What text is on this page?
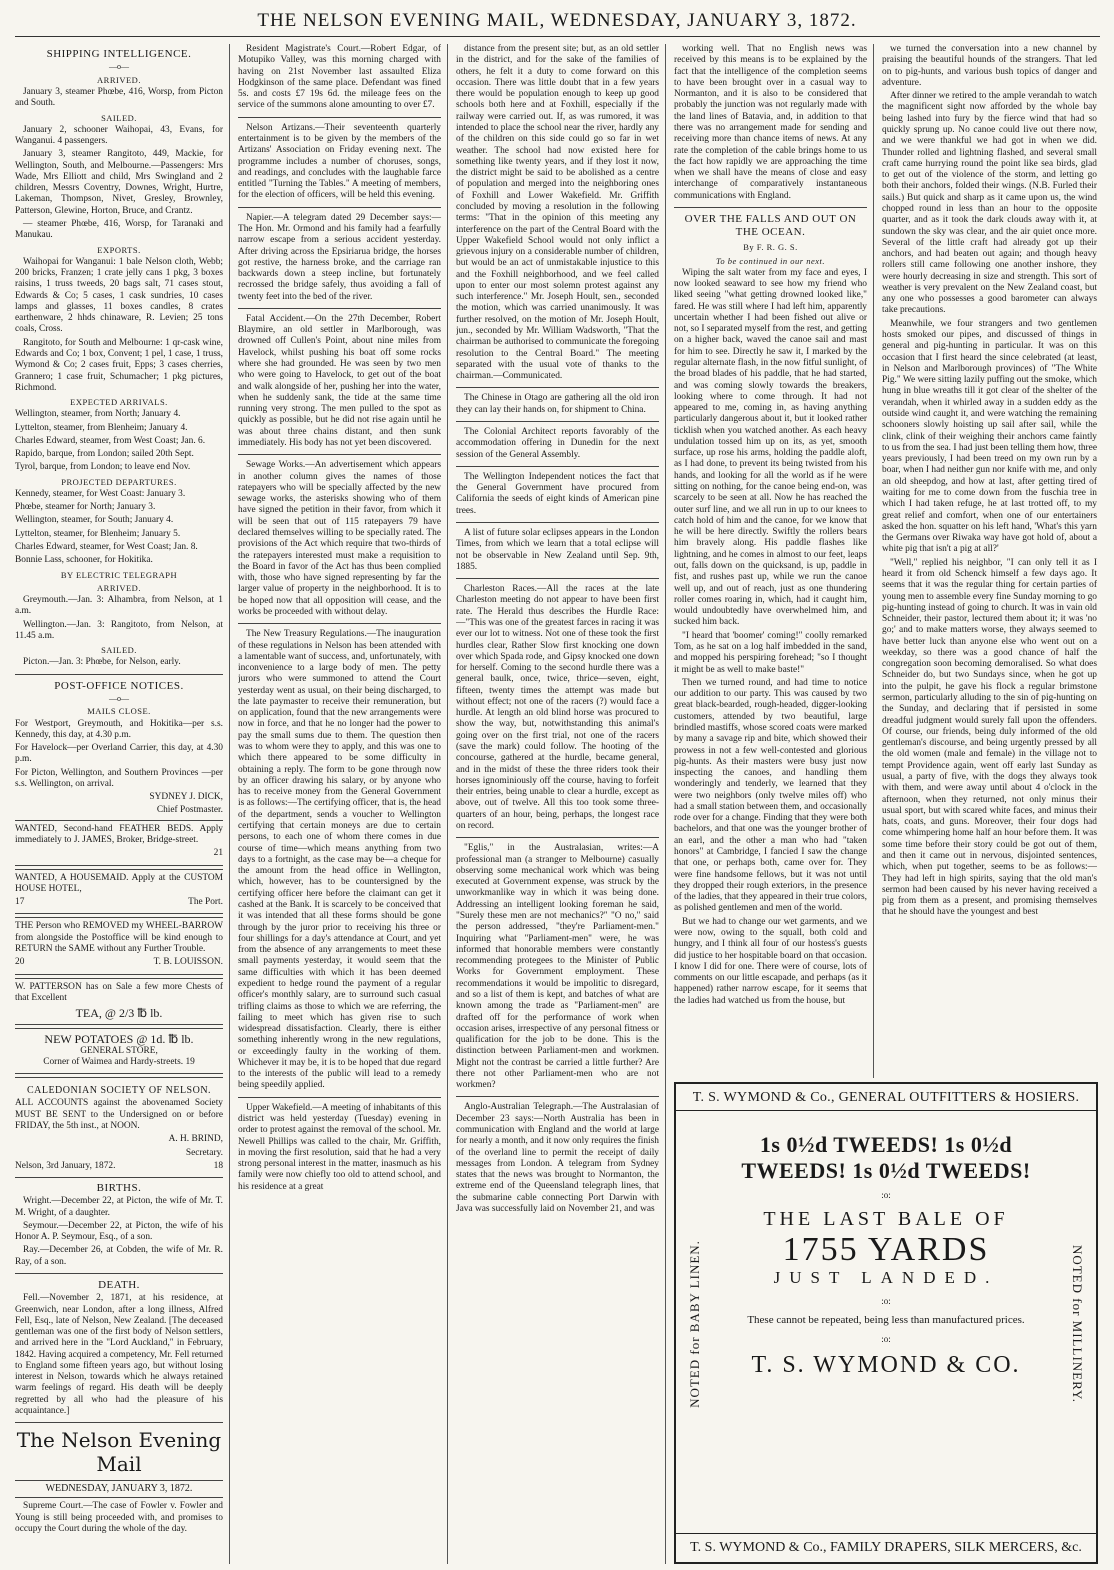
THE NELSON EVENING MAIL, WEDNESDAY, JANUARY 3, 1872.
SHIPPING INTELLIGENCE.
—o—
ARRIVED.

January 3, steamer Phœbe, 416, Worsp, from Picton and South.

SAILED.

January 2, schooner Waihopai, 43, Evans, for Wanganui. 4 passengers.

January 3, steamer Rangitoto, 449, Mackie, for Wellington, South, and Melbourne.—Passengers: Mrs Wade, Mrs Elliott and child, Mrs Swingland and 2 children, Messrs Coventry, Downes, Wright, Hurtre, Lakeman, Thompson, Nivet, Gresley, Brownley, Patterson, Glewine, Horton, Bruce, and Crantz.

— steamer Phœbe, 416, Worsp, for Taranaki and Manukau.

EXPORTS.

Waihopai for Wanganui: 1 bale Nelson cloth, Webb; 200 bricks, Franzen; 1 crate jelly cans 1 pkg, 3 boxes raisins, 1 truss tweeds, 20 bags salt, 71 cases stout, Edwards & Co; 5 cases, 1 cask sundries, 10 cases lamps and glasses, 11 boxes candles, 8 crates earthenware, 2 hhds chinaware, R. Levien; 25 tons coals, Cross.

Rangitoto, for South and Melbourne: 1 qr-cask wine, Edwards and Co; 1 box, Convent; 1 pel, 1 case, 1 truss, Wymond & Co; 2 cases fruit, Epps; 3 cases cherries, Grannero; 1 case fruit, Schumacher; 1 pkg pictures, Richmond.

EXPECTED ARRIVALS.

Wellington, steamer, from North; January 4.

Lyttelton, steamer, from Blenheim; January 4.

Charles Edward, steamer, from West Coast; Jan. 6.

Rapido, barque, from London; sailed 20th Sept.

Tyrol, barque, from London; to leave end Nov.

PROJECTED DEPARTURES.

Kennedy, steamer, for West Coast: January 3.

Phœbe, steamer for North; January 3.

Wellington, steamer, for South; January 4.

Lyttelton, steamer, for Blenheim; January 5.

Charles Edward, steamer, for West Coast; Jan. 8.

Bonnie Lass, schooner, for Hokitika.

BY ELECTRIC TELEGRAPH
ARRIVED.

Greymouth.—Jan. 3: Alhambra, from Nelson, at 1 a.m.

Wellington.—Jan. 3: Rangitoto, from Nelson, at 11.45 a.m.

SAILED.

Picton.—Jan. 3: Phœbe, for Nelson, early.

POST-OFFICE NOTICES.
—o—
MAILS CLOSE.

For Westport, Greymouth, and Hokitika—per s.s. Kennedy, this day, at 4.30 p.m.

For Havelock—per Overland Carrier, this day, at 4.30 p.m.

For Picton, Wellington, and Southern Provinces —per s.s. Wellington, on arrival.

SYDNEY J. DICK,

Chief Postmaster.

WANTED, Second-hand FEATHER BEDS. Apply immediately to J. JAMES, Broker, Bridge-street.

21

WANTED, A HOUSEMAID. Apply at the CUSTOM HOUSE HOTEL,

17	The Port.

THE Person who REMOVED my WHEEL-BARROW from alongside the Postoffice will be kind enough to RETURN the SAME without any Further Trouble.

20	T. B. LOUISSON.

W. PATTERSON has on Sale a few more Chests of that Excellent

TEA, @ 2/3 ℔ lb.
NEW POTATOES @ 1d. ℔ lb.
GENERAL STORE,

Corner of Waimea and Hardy-streets. 19

CALEDONIAN SOCIETY OF NELSON.

ALL ACCOUNTS against the abovenamed Society MUST BE SENT to the Undersigned on or before FRIDAY, the 5th inst., at NOON.

A. H. BRIND,

Secretary.

Nelson, 3rd January, 1872.	18

BIRTHS.

Wright.—December 22, at Picton, the wife of Mr. T. M. Wright, of a daughter.

Seymour.—December 22, at Picton, the wife of his Honor A. P. Seymour, Esq., of a son.

Ray.—December 26, at Cobden, the wife of Mr. R. Ray, of a son.

DEATH.

Fell.—November 2, 1871, at his residence, at Greenwich, near London, after a long illness, Alfred Fell, Esq., late of Nelson, New Zealand. [The deceased gentleman was one of the first body of Nelson settlers, and arrived here in the "Lord Auckland," in February, 1842. Having acquired a competency, Mr. Fell returned to England some fifteen years ago, but without losing interest in Nelson, towards which he always retained warm feelings of regard. His death will be deeply regretted by all who had the pleasure of his acquaintance.]

The Nelson Evening Mail
WEDNESDAY, JANUARY 3, 1872.

Supreme Court.—The case of Fowler v. Fowler and Young is still being proceeded with, and promises to occupy the Court during the whole of the day.

Resident Magistrate's Court.—Robert Edgar, of Motupiko Valley, was this morning charged with having on 21st November last assaulted Eliza Hodgkinson of the same place. Defendant was fined 5s. and costs £7 19s 6d. the mileage fees on the service of the summons alone amounting to over £7.

Nelson Artizans.—Their seventeenth quarterly entertainment is to be given by the members of the Artizans' Association on Friday evening next. The programme includes a number of choruses, songs, and readings, and concludes with the laughable farce entitled "Turning the Tables." A meeting of members, for the election of officers, will be held this evening.

Napier.—A telegram dated 29 December says:—The Hon. Mr. Ormond and his family had a fearfully narrow escape from a serious accident yesterday. After driving across the Epsiriarua bridge, the horses got restive, the harness broke, and the carriage ran backwards down a steep incline, but fortunately recrossed the bridge safely, thus avoiding a fall of twenty feet into the bed of the river.

Fatal Accident.—On the 27th December, Robert Blaymire, an old settler in Marlborough, was drowned off Cullen's Point, about nine miles from Havelock, whilst pushing his boat off some rocks where she had grounded. He was seen by two men who were going to Havelock, to get out of the boat and walk alongside of her, pushing her into the water, when he suddenly sank, the tide at the same time running very strong. The men pulled to the spot as quickly as possible, but he did not rise again until he was about three chains distant, and then sunk immediately. His body has not yet been discovered.

Sewage Works.—An advertisement which appears in another column gives the names of those ratepayers who will be specially affected by the new sewage works, the asterisks showing who of them have signed the petition in their favor, from which it will be seen that out of 115 ratepayers 79 have declared themselves willing to be specially rated. The provisions of the Act which require that two-thirds of the ratepayers interested must make a requisition to the Board in favor of the Act has thus been complied with, those who have signed representing by far the larger value of property in the neighborhood. It is to be hoped now that all opposition will cease, and the works be proceeded with without delay.

The New Treasury Regulations.—The inauguration of these regulations in Nelson has been attended with a lamentable want of success, and, unfortunately, with inconvenience to a large body of men. The petty jurors who were summoned to attend the Court yesterday went as usual, on their being discharged, to the late paymaster to receive their remuneration, but on application, found that the new arrangements were now in force, and that he no longer had the power to pay the small sums due to them. The question then was to whom were they to apply, and this was one to which there appeared to be some difficulty in obtaining a reply. The form to be gone through now by an officer drawing his salary, or by anyone who has to receive money from the General Government is as follows:—The certifying officer, that is, the head of the department, sends a voucher to Wellington certifying that certain moneys are due to certain persons, to each one of whom there comes in due course of time—which means anything from two days to a fortnight, as the case may be—a cheque for the amount from the head office in Wellington, which, however, has to be countersigned by the certifying officer here before the claimant can get it cashed at the Bank. It is scarcely to be conceived that it was intended that all these forms should be gone through by the juror prior to receiving his three or four shillings for a day's attendance at Court, and yet from the absence of any arrangements to meet these small payments yesterday, it would seem that the same difficulties with which it has been deemed expedient to hedge round the payment of a regular officer's monthly salary, are to surround such casual trifling claims as those to which we are referring, the failing to meet which has given rise to such widespread dissatisfaction. Clearly, there is either something inherently wrong in the new regulations, or exceedingly faulty in the working of them. Whichever it may be, it is to be hoped that due regard to the interests of the public will lead to a remedy being speedily applied.

Upper Wakefield.—A meeting of inhabitants of this district was held yesterday (Tuesday) evening in order to protest against the removal of the school. Mr. Newell Phillips was called to the chair, Mr. Griffith, in moving the first resolution, said that he had a very strong personal interest in the matter, inasmuch as his family were now chiefly too old to attend school, and his residence at a great

distance from the present site; but, as an old settler in the district, and for the sake of the families of others, he felt it a duty to come forward on this occasion. There was little doubt that in a few years there would be population enough to keep up good schools both here and at Foxhill, especially if the railway were carried out. If, as was rumored, it was intended to place the school near the river, hardly any of the children on this side could go so far in wet weather. The school had now existed here for something like twenty years, and if they lost it now, the district might be said to be abolished as a centre of population and merged into the neighboring ones of Foxhill and Lower Wakefield. Mr. Griffith concluded by moving a resolution in the following terms: "That in the opinion of this meeting any interference on the part of the Central Board with the Upper Wakefield School would not only inflict a grievous injury on a considerable number of children, but would be an act of unmistakable injustice to this and the Foxhill neighborhood, and we feel called upon to enter our most solemn protest against any such interference." Mr. Joseph Hoult, sen., seconded the motion, which was carried unanimously. It was further resolved, on the motion of Mr. Joseph Hoult, jun., seconded by Mr. William Wadsworth, "That the chairman be authorised to communicate the foregoing resolution to the Central Board." The meeting separated with the usual vote of thanks to the chairman.—Communicated.

The Chinese in Otago are gathering all the old iron they can lay their hands on, for shipment to China.

The Colonial Architect reports favorably of the accommodation offering in Dunedin for the next session of the General Assembly.

The Wellington Independent notices the fact that the General Government have procured from California the seeds of eight kinds of American pine trees.

A list of future solar eclipses appears in the London Times, from which we learn that a total eclipse will not be observable in New Zealand until Sep. 9th, 1885.

Charleston Races.—All the races at the late Charleston meeting do not appear to have been first rate. The Herald thus describes the Hurdle Race:—"This was one of the greatest farces in racing it was ever our lot to witness. Not one of these took the first hurdles clear, Rather Slow first knocking one down over which Spada rode, and Gipsy knocked one down for herself. Coming to the second hurdle there was a general baulk, once, twice, thrice—seven, eight, fifteen, twenty times the attempt was made but without effect; not one of the racers (?) would face a hurdle. At length an old blind horse was procured to show the way, but, notwithstanding this animal's going over on the first trial, not one of the racers (save the mark) could follow. The hooting of the concourse, gathered at the hurdle, became general, and in the midst of these the three riders took their horses ignominiously off the course, having to forfeit their entries, being unable to clear a hurdle, except as above, out of twelve. All this too took some three-quarters of an hour, being, perhaps, the longest race on record.

"Eglis," in the Australasian, writes:—A professional man (a stranger to Melbourne) casually observing some mechanical work which was being executed at Government expense, was struck by the unworkmanlike way in which it was being done. Addressing an intelligent looking foreman he said, "Surely these men are not mechanics?" "O no," said the person addressed, "they're Parliament-men." Inquiring what "Parliament-men" were, he was informed that honorable members were constantly recommending protegees to the Minister of Public Works for Government employment. These recommendations it would be impolitic to disregard, and so a list of them is kept, and batches of what are known among the trade as "Parliament-men" are drafted off for the performance of work when occasion arises, irrespective of any personal fitness or qualification for the job to be done. This is the distinction between Parliament-men and workmen. Might not the contrast be carried a little further? Are there not other Parliament-men who are not workmen?

Anglo-Australian Telegraph.—The Australasian of December 23 says:—North Australia has been in communication with England and the world at large for nearly a month, and it now only requires the finish of the overland line to permit the receipt of daily messages from London. A telegram from Sydney states that the news was brought to Normanton, the extreme end of the Queensland telegraph lines, that the submarine cable connecting Port Darwin with Java was successfully laid on November 21, and was

working well. That no English news was received by this means is to be explained by the fact that the intelligence of the completion seems to have been brought over in a casual way to Normanton, and it is also to be considered that probably the junction was not regularly made with the land lines of Batavia, and, in addition to that there was no arrangement made for sending and receiving more than chance items of news. At any rate the completion of the cable brings home to us the fact how rapidly we are approaching the time when we shall have the means of close and easy interchange of comparatively instantaneous communications with England.

OVER THE FALLS AND OUT ON THE OCEAN.
By F. R. G. S.
To be continued in our next.

Wiping the salt water from my face and eyes, I now looked seaward to see how my friend who liked seeing "what getting drowned looked like," fared. He was still where I had left him, apparently uncertain whether I had been fished out alive or not, so I separated myself from the rest, and getting on a higher back, waved the canoe sail and mast for him to see. Directly he saw it, I marked by the regular alternate flash, in the now fitful sunlight, of the broad blades of his paddle, that he had started, and was coming slowly towards the breakers, looking where to come through. It had not appeared to me, coming in, as having anything particularly dangerous about it, but it looked rather ticklish when you watched another. As each heavy undulation tossed him up on its, as yet, smooth surface, up rose his arms, holding the paddle aloft, as I had done, to prevent its being twisted from his hands, and looking for all the world as if he were sitting on nothing, for the canoe being end-on, was scarcely to be seen at all. Now he has reached the outer surf line, and we all run in up to our knees to catch hold of him and the canoe, for we know that he will be here directly. Swiftly the rollers bears him bravely along. His paddle flashes like lightning, and he comes in almost to our feet, leaps out, falls down on the quicksand, is up, paddle in fist, and rushes past up, while we run the canoe well up, and out of reach, just as one thundering roller comes roaring in, which, had it caught him, would undoubtedly have overwhelmed him, and sucked him back.

"I heard that 'boomer' coming!" coolly remarked Tom, as he sat on a log half imbedded in the sand, and mopped his perspiring forehead; "so I thought it might be as well to make baste!"

Then we turned round, and had time to notice our addition to our party. This was caused by two great black-bearded, rough-headed, digger-looking customers, attended by two beautiful, large brindled mastiffs, whose scored coats were marked by many a savage rip and bite, which showed their prowess in not a few well-contested and glorious pig-hunts. As their masters were busy just now inspecting the canoes, and handling them wonderingly and tenderly, we learned that they were two neighbors (only twelve miles off) who had a small station between them, and occasionally rode over for a change. Finding that they were both bachelors, and that one was the younger brother of an earl, and the other a man who had "taken honors" at Cambridge, I fancied I saw the change that one, or perhaps both, came over for. They were fine handsome fellows, but it was not until they dropped their rough exteriors, in the presence of the ladies, that they appeared in their true colors, as polished gentlemen and men of the world.

But we had to change our wet garments, and we were now, owing to the squall, both cold and hungry, and I think all four of our hostess's guests did justice to her hospitable board on that occasion. I know I did for one. There were of course, lots of comments on our little escapade, and perhaps (as it happened) rather narrow escape, for it seems that the ladies had watched us from the house, but

we turned the conversation into a new channel by praising the beautiful hounds of the strangers. That led on to pig-hunts, and various bush topics of danger and adventure.

After dinner we retired to the ample verandah to watch the magnificent sight now afforded by the whole bay being lashed into fury by the fierce wind that had so quickly sprung up. No canoe could live out there now, and we were thankful we had got in when we did. Thunder rolled and lightning flashed, and several small craft came hurrying round the point like sea birds, glad to get out of the violence of the storm, and letting go both their anchors, folded their wings. (N.B. Furled their sails.) But quick and sharp as it came upon us, the wind chopped round in less than an hour to the opposite quarter, and as it took the dark clouds away with it, at sundown the sky was clear, and the air quiet once more. Several of the little craft had already got up their anchors, and had beaten out again; and though heavy rollers still came following one another inshore, they were hourly decreasing in size and strength. This sort of weather is very prevalent on the New Zealand coast, but any one who possesses a good barometer can always take precautions.

Meanwhile, we four strangers and two gentlemen hosts smoked our pipes, and discussed of things in general and pig-hunting in particular. It was on this occasion that I first heard the since celebrated (at least, in Nelson and Marlborough provinces) of "The White Pig." We were sitting lazily puffing out the smoke, which hung in blue wreaths till it got clear of the shelter of the verandah, when it whirled away in a sudden eddy as the outside wind caught it, and were watching the remaining schooners slowly hoisting up sail after sail, while the clink, clink of their weighing their anchors came faintly to us from the sea. I had just been telling them how, three years previously, I had been treed on my own run by a boar, when I had neither gun nor knife with me, and only an old sheepdog, and how at last, after getting tired of waiting for me to come down from the fuschia tree in which I had taken refuge, he at last trotted off, to my great relief and comfort, when one of our entertainers asked the hon. squatter on his left hand, 'What's this yarn the Germans over Riwaka way have got hold of, about a white pig that isn't a pig at all?'

"Well," replied his neighbor, "I can only tell it as I heard it from old Schenck himself a few days ago. It seems that it was the regular thing for certain parties of young men to assemble every fine Sunday morning to go pig-hunting instead of going to church. It was in vain old Schneider, their pastor, lectured them about it; it was 'no go;' and to make matters worse, they always seemed to have better luck than anyone else who went out on a weekday, so there was a good chance of half the congregation soon becoming demoralised. So what does Schneider do, but two Sundays since, when he got up into the pulpit, he gave his flock a regular brimstone sermon, particularly alluding to the sin of pig-hunting on the Sunday, and declaring that if persisted in some dreadful judgment would surely fall upon the offenders. Of course, our friends, being duly informed of the old gentleman's discourse, and being urgently pressed by all the old women (male and female) in the village not to tempt Providence again, went off early last Sunday as usual, a party of five, with the dogs they always took with them, and were away until about 4 o'clock in the afternoon, when they returned, not only minus their usual sport, but with scared white faces, and minus their hats, coats, and guns. Moreover, their four dogs had come whimpering home half an hour before them. It was some time before their story could be got out of them, and then it came out in nervous, disjointed sentences, which, when put together, seems to be as follows:—They had left in high spirits, saying that the old man's sermon had been caused by his never having received a pig from them as a present, and promising themselves that he should have the youngest and best

T. S. WYMOND & Co., GENERAL OUTFITTERS & HOSIERS.
NOTED for BABY LINEN.	NOTED for MILLINERY.
1s 0½d TWEEDS! 1s 0½d TWEEDS! 1s 0½d TWEEDS!
:o:
THE LAST BALE OF
1755 YARDS
JUST LANDED.
:o:
These cannot be repeated, being less than manufactured prices.
:o:
T. S. WYMOND & CO.
T. S. WYMOND & Co., FAMILY DRAPERS, SILK MERCERS, &c.
